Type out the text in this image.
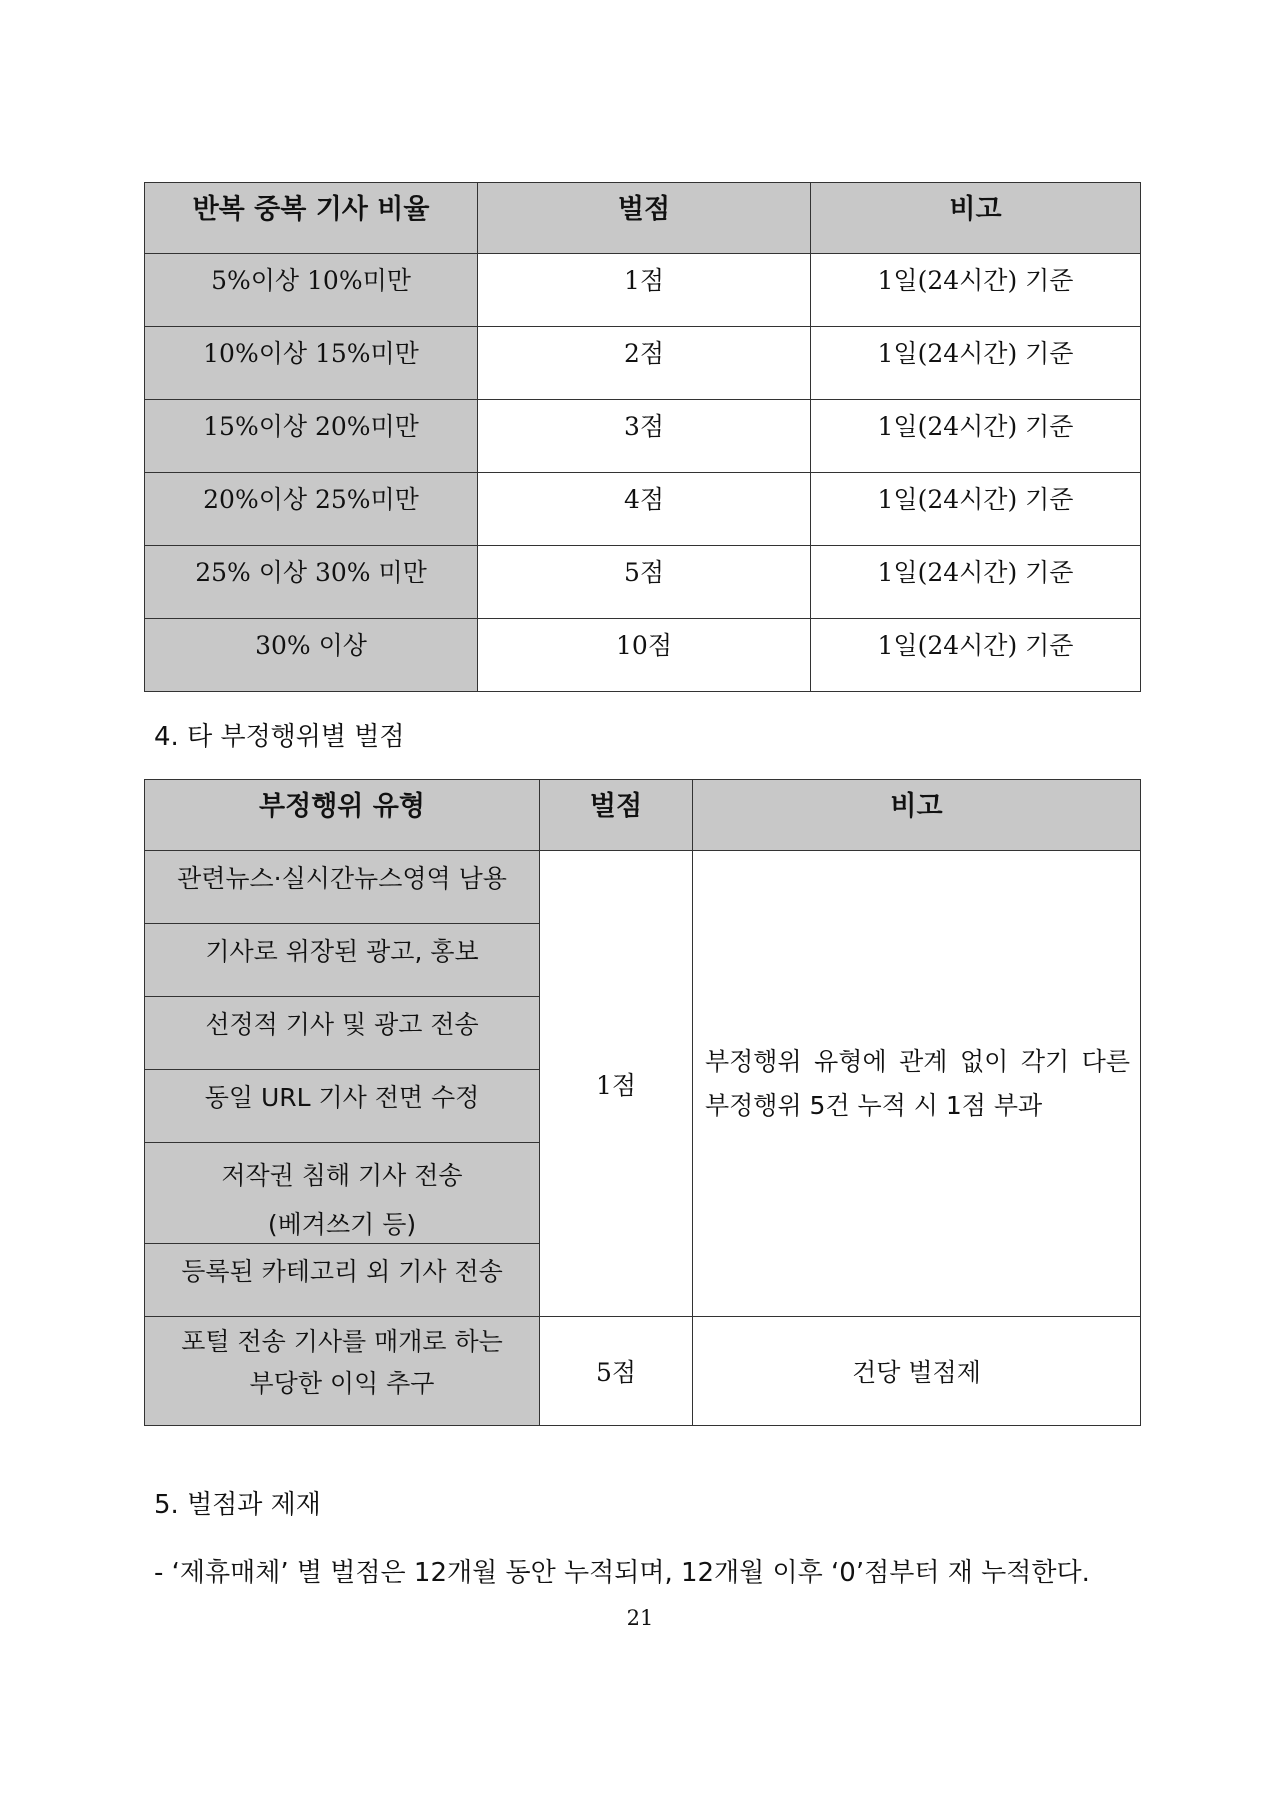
반복 중복 기사 비율	벌점	비고
5%이상 10%미만	1점	1일(24시간) 기준
10%이상 15%미만	2점	1일(24시간) 기준
15%이상 20%미만	3점	1일(24시간) 기준
20%이상 25%미만	4점	1일(24시간) 기준
25% 이상 30% 미만	5점	1일(24시간) 기준
30% 이상	10점	1일(24시간) 기준
4. 타 부정행위별 벌점
부정행위 유형	벌점	비고
관련뉴스·실시간뉴스영역 남용	1점	부정행위 유형에 관계 없이 각기 다른 부정행위 5건 누적 시 1점 부과
기사로 위장된 광고, 홍보		
선정적 기사 및 광고 전송		
동일 URL 기사 전면 수정		

저작권 침해 기사 전송
(베겨쓰기 등)		

등록된 카테고리 외 기사 전송		

포털 전송 기사를 매개로 하는
부당한 이익 추구	5점	건당 벌점제
5. 벌점과 제재
- ‘제휴매체’ 별 벌점은 12개월 동안 누적되며, 12개월 이후 ‘0’점부터 재 누적한다.
21
